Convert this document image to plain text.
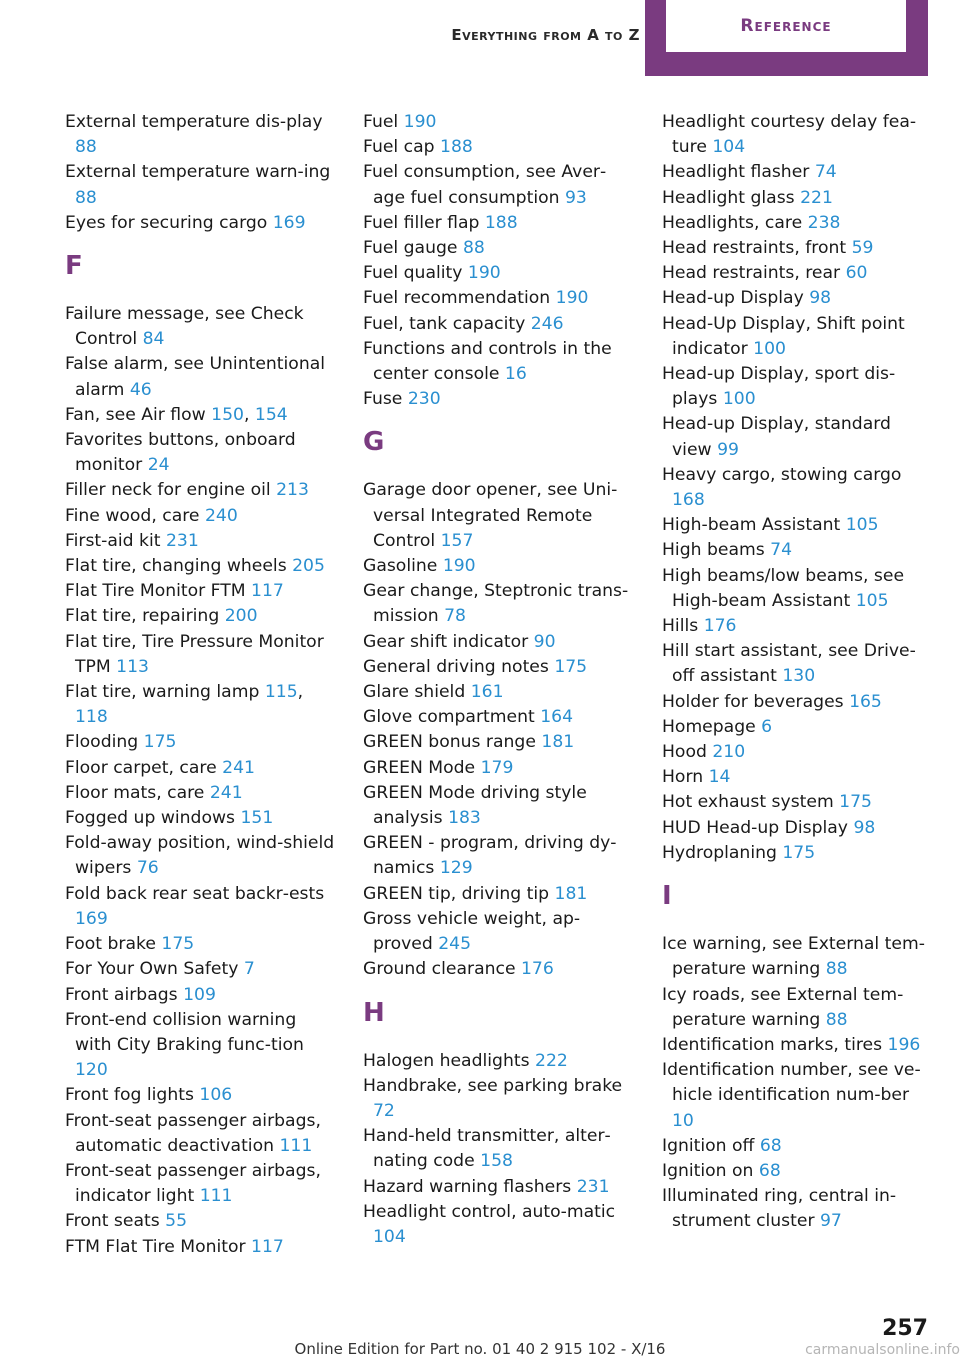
Everything from A to Z	Reference

External temperature dis‐play 88

External temperature warn‐ing 88

Eyes for securing cargo 169

F

Failure message, see Check Control 84

False alarm, see Unintentional alarm 46

Fan, see Air flow 150, 154

Favorites buttons, onboard monitor 24

Filler neck for engine oil 213

Fine wood, care 240

First-aid kit 231

Flat tire, changing wheels 205

Flat Tire Monitor FTM 117

Flat tire, repairing 200

Flat tire, Tire Pressure Monitor TPM 113

Flat tire, warning lamp 115, 118

Flooding 175

Floor carpet, care 241

Floor mats, care 241

Fogged up windows 151

Fold-away position, wind‐shield wipers 76

Fold back rear seat backr‐ests 169

Foot brake 175

For Your Own Safety 7

Front airbags 109

Front-end collision warning with City Braking func‐tion 120

Front fog lights 106

Front-seat passenger airbags, automatic deactivation 111

Front-seat passenger airbags, indicator light 111

Front seats 55

FTM Flat Tire Monitor 117

Fuel 190

Fuel cap 188

Fuel consumption, see Aver‐age fuel consumption 93

Fuel filler flap 188

Fuel gauge 88

Fuel quality 190

Fuel recommendation 190

Fuel, tank capacity 246

Functions and controls in the center console 16

Fuse 230

G

Garage door opener, see Uni‐versal Integrated Remote Control 157

Gasoline 190

Gear change, Steptronic trans‐mission 78

Gear shift indicator 90

General driving notes 175

Glare shield 161

Glove compartment 164

GREEN bonus range 181

GREEN Mode 179

GREEN Mode driving style analysis 183

GREEN - program, driving dy‐namics 129

GREEN tip, driving tip 181

Gross vehicle weight, ap‐proved 245

Ground clearance 176

H

Halogen headlights 222

Handbrake, see parking brake 72

Hand-held transmitter, alter‐nating code 158

Hazard warning flashers 231

Headlight control, auto‐matic 104

Headlight courtesy delay fea‐ture 104

Headlight flasher 74

Headlight glass 221

Headlights, care 238

Head restraints, front 59

Head restraints, rear 60

Head-up Display 98

Head-Up Display, Shift point indicator 100

Head-up Display, sport dis‐plays 100

Head-up Display, standard view 99

Heavy cargo, stowing cargo 168

High-beam Assistant 105

High beams 74

High beams/low beams, see High-beam Assistant 105

Hills 176

Hill start assistant, see Drive-off assistant 130

Holder for beverages 165

Homepage 6

Hood 210

Horn 14

Hot exhaust system 175

HUD Head-up Display 98

Hydroplaning 175

I

Ice warning, see External tem‐perature warning 88

Icy roads, see External tem‐perature warning 88

Identification marks, tires 196

Identification number, see ve‐hicle identification num‐ber 10

Ignition off 68

Ignition on 68

Illuminated ring, central in‐strument cluster 97

257
Online Edition for Part no. 01 40 2 915 102 - X/16	carmanualsonline.info
